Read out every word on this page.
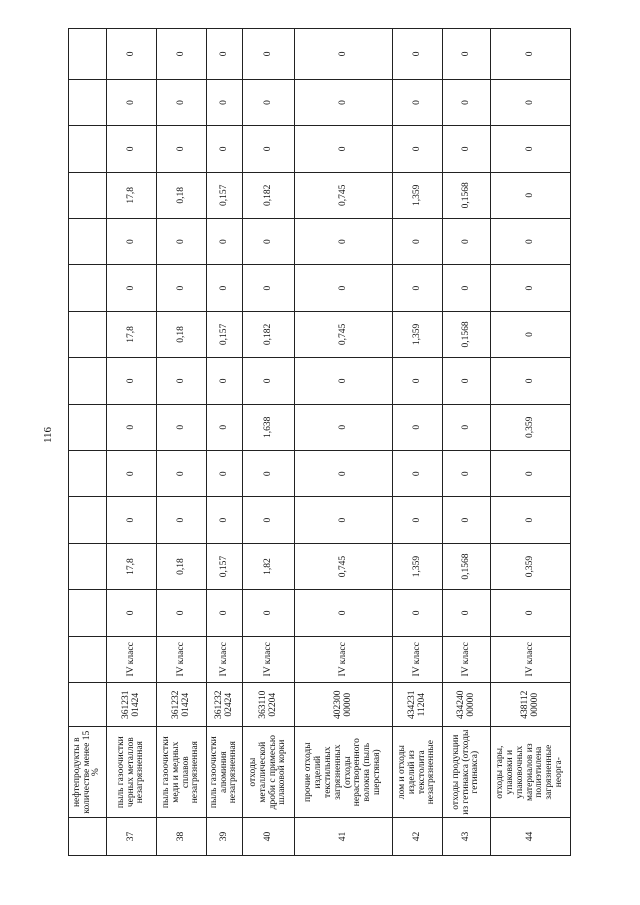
116
	нефтепродукты в количестве менее 15 %															
37	пыль газоочистки черных металлов незагрязненная	361231 01424	IV класс	0	17,8	0	0	0	0	17,8	0	0	17,8	0	0	0
38	пыль газоочистки меди и медных сплавов незагрязненная	361232 01424	IV класс	0	0,18	0	0	0	0	0,18	0	0	0,18	0	0	0
39	пыль газоочистки алюминия незагрязненная	361232 02424	IV класс	0	0,157	0	0	0	0	0,157	0	0	0,157	0	0	0
40	отходы металлической дроби с примесью шлаковой корки	363110 02204	IV класс	0	1,82	0	0	1,638	0	0,182	0	0	0,182	0	0	0
41	прочие отходы изделий текстильных загрязненных (отходы нерастворенного волокна (пыль шерстяная)	402300 00000	IV класс	0	0,745	0	0	0	0	0,745	0	0	0,745	0	0	0
42	лом и отходы изделий из текстолита незагрязненные	434231 11204	IV класс	0	1,359	0	0	0	0	1,359	0	0	1,359	0	0	0
43	отходы продукции из гетинакса (отходы гетинакса)	434240 00000	IV класс	0	0,1568	0	0	0	0	0,1568	0	0	0,1568	0	0	0
44	отходы тары, упаковки и упаковочных материалов из полиэтилена загрязненные неорга-	438112 00000	IV класс	0	0,359	0	0	0,359	0	0	0	0	0	0	0	0
